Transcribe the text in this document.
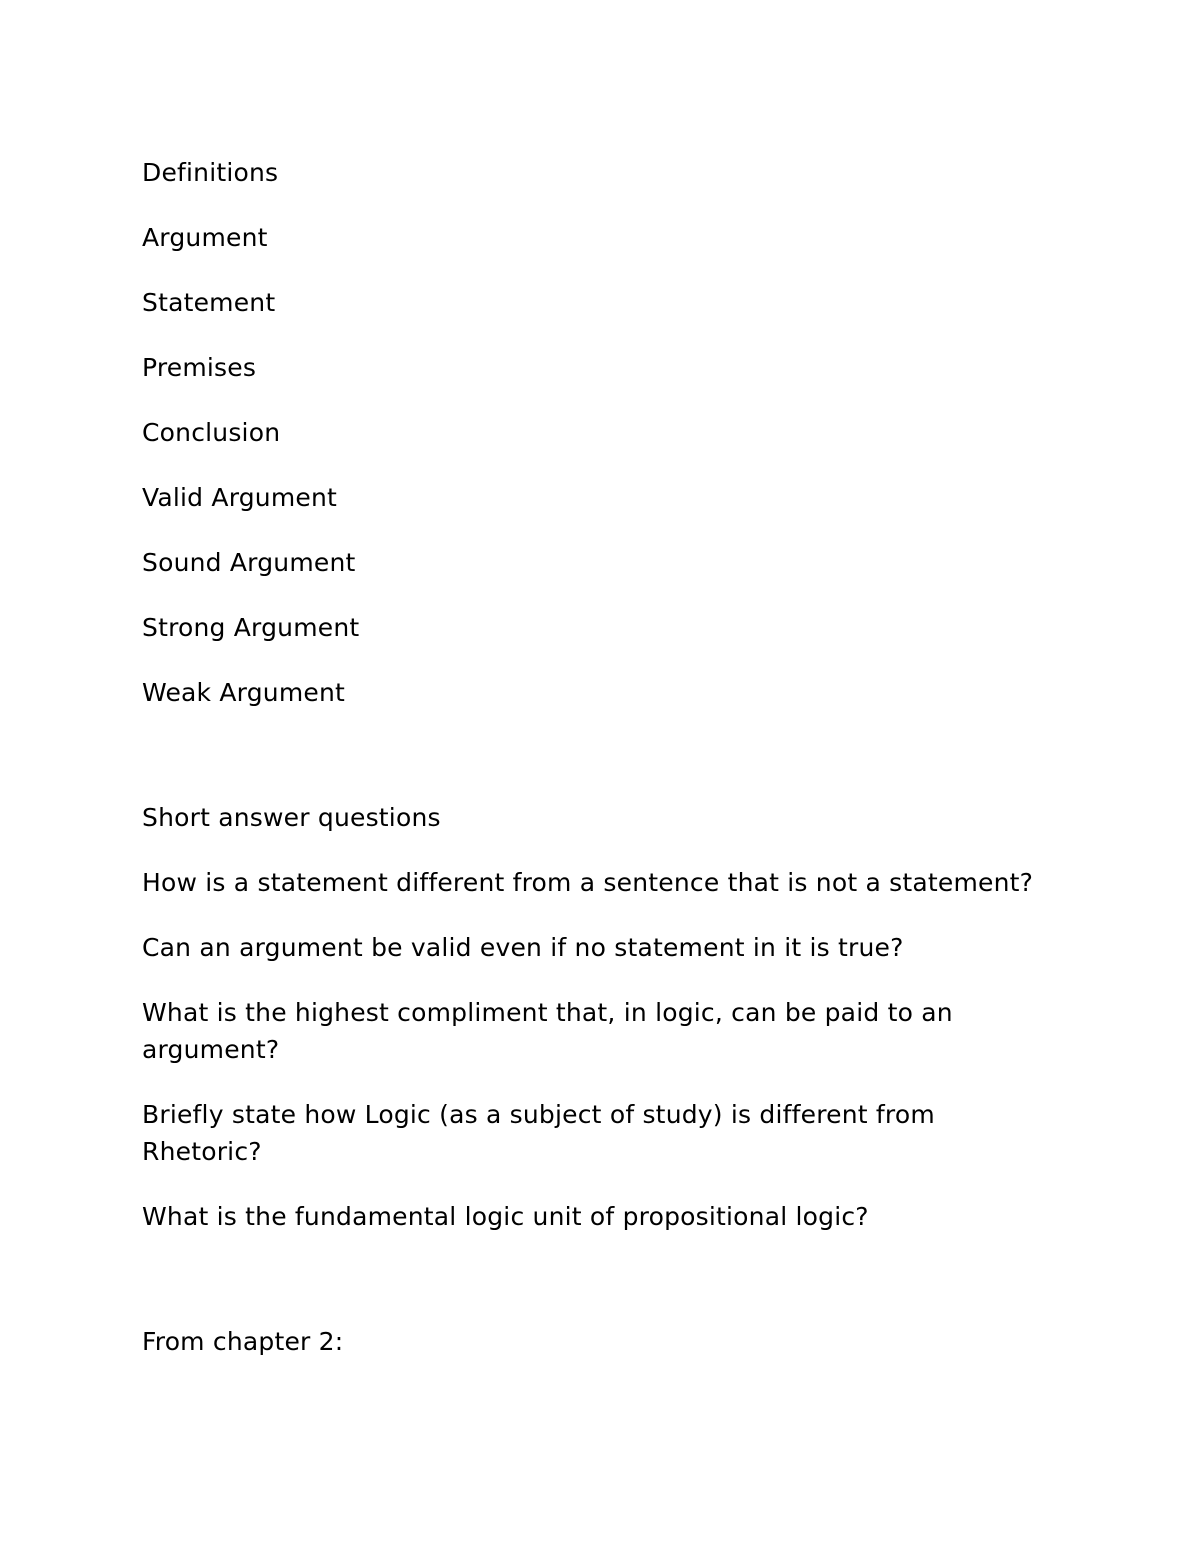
Definitions

Argument

Statement

Premises

Conclusion

Valid Argument

Sound Argument

Strong Argument

Weak Argument

Short answer questions

How is a statement different from a sentence that is not a statement?

Can an argument be valid even if no statement in it is true?

What is the highest compliment that, in logic, can be paid to an argument?

Briefly state how Logic (as a subject of study) is different from Rhetoric?

What is the fundamental logic unit of propositional logic?

From chapter 2:
